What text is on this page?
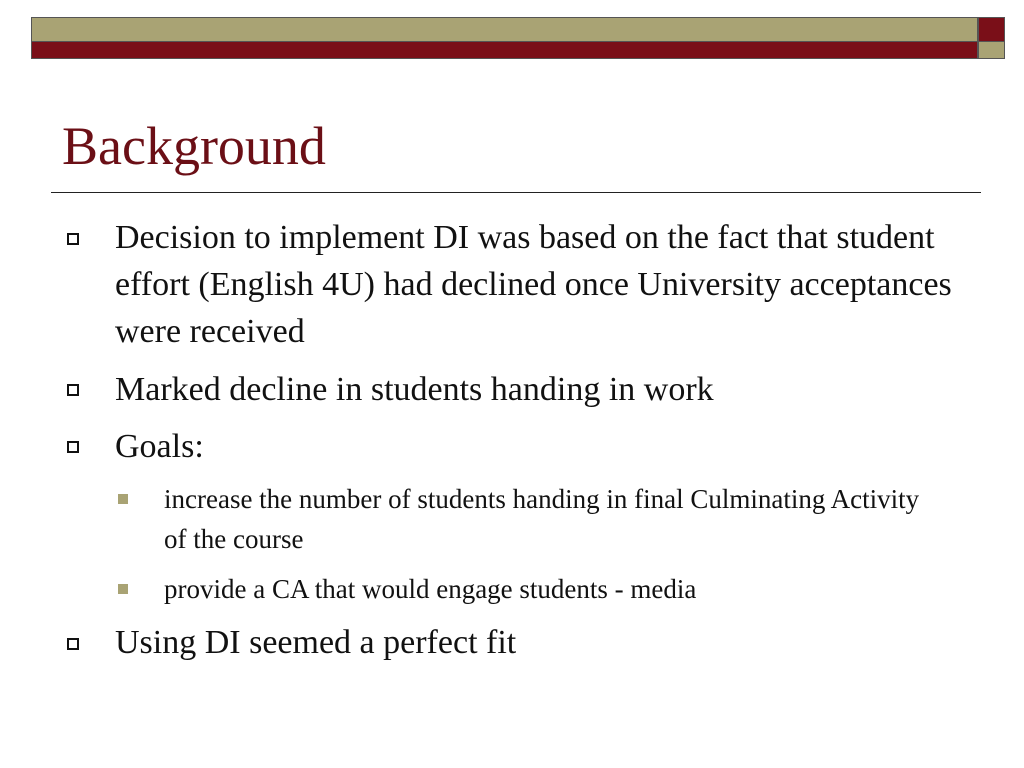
Background
Decision to implement DI was based on the fact that student effort (English 4U) had declined once University acceptances were received
Marked decline in students handing in work
Goals:
increase the number of students handing in final Culminating Activity of the course
provide a CA that would engage students - media
Using DI seemed a perfect fit
